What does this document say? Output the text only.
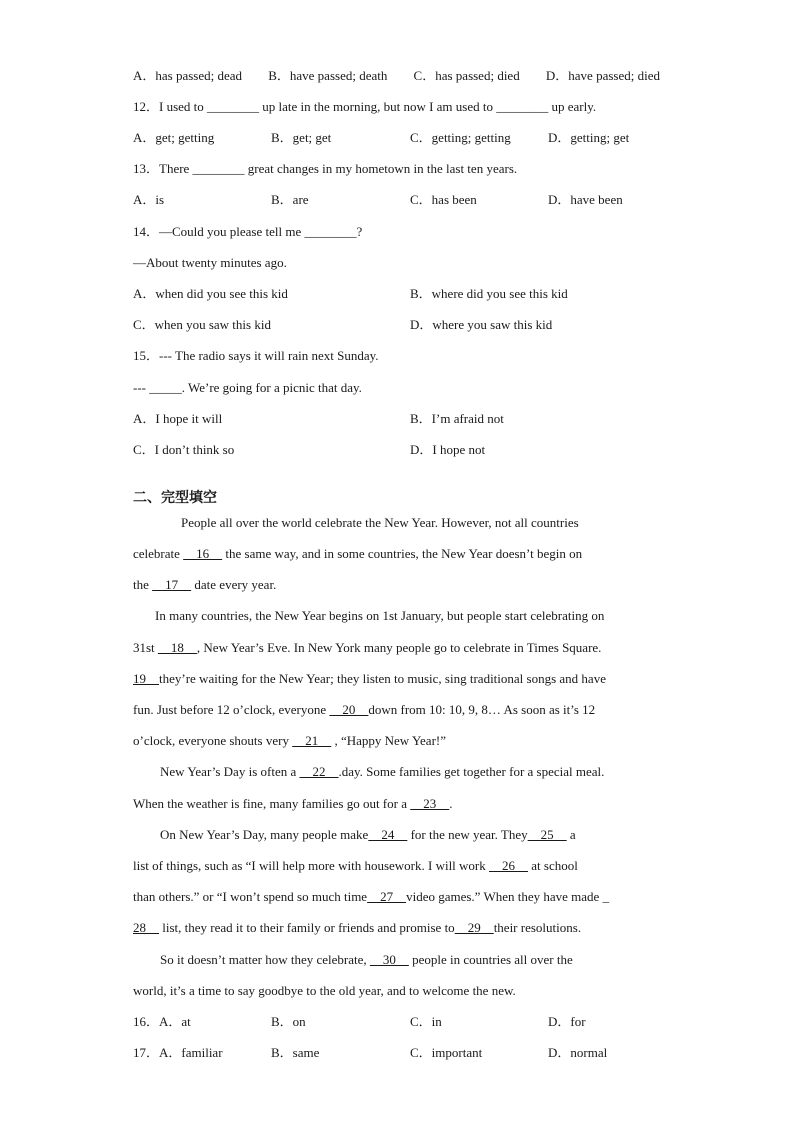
A．has passed; dead B．have passed; death C．has passed; died D．have passed; died
12．I used to ________ up late in the morning, but now I am used to ________ up early.
A．get; getting	B．get; get	C．getting; getting	D．getting; get
13．There ________ great changes in my hometown in the last ten years.
A．is	B．are	C．has been	D．have been
14．—Could you please tell me ________?
—About twenty minutes ago.
A．when did you see this kid	B．where did you see this kid
C．when you saw this kid	D．where you saw this kid
15．--- The radio says it will rain next Sunday.
--- _____. We’re going for a picnic that day.
A．I hope it will	B．I’m afraid not
C．I don’t think so	D．I hope not
二、完型填空
People all over the world celebrate the New Year. However, not all countries
celebrate     16     the same way, and in some countries, the New Year doesn’t begin on
the     17     date every year.
In many countries, the New Year begins on 1st January, but people start celebrating on
31st     18    , New Year’s Eve. In New York many people go to celebrate in Times Square.
19    they’re waiting for the New Year; they listen to music, sing traditional songs and have
fun. Just before 12 o’clock, everyone     20    down from 10: 10, 9, 8… As soon as it’s 12
o’clock, everyone shouts very     21     , “Happy New Year!”
New Year’s Day is often a     22    .day. Some families get together for a special meal.
When the weather is fine, many families go out for a     23    .
On New Year’s Day, many people make    24     for the new year. They    25     a
list of things, such as “I will help more with housework. I will work     26     at school
than others.” or “I won’t spend so much time    27    video games.” When they have made _
28     list, they read it to their family or friends and promise to    29    their resolutions.
So it doesn’t matter how they celebrate,     30     people in countries all over the
world, it’s a time to say goodbye to the old year, and to welcome the new.
16．A．at	B．on	C．in	D．for
17．A．familiar	B．same	C．important	D．normal
